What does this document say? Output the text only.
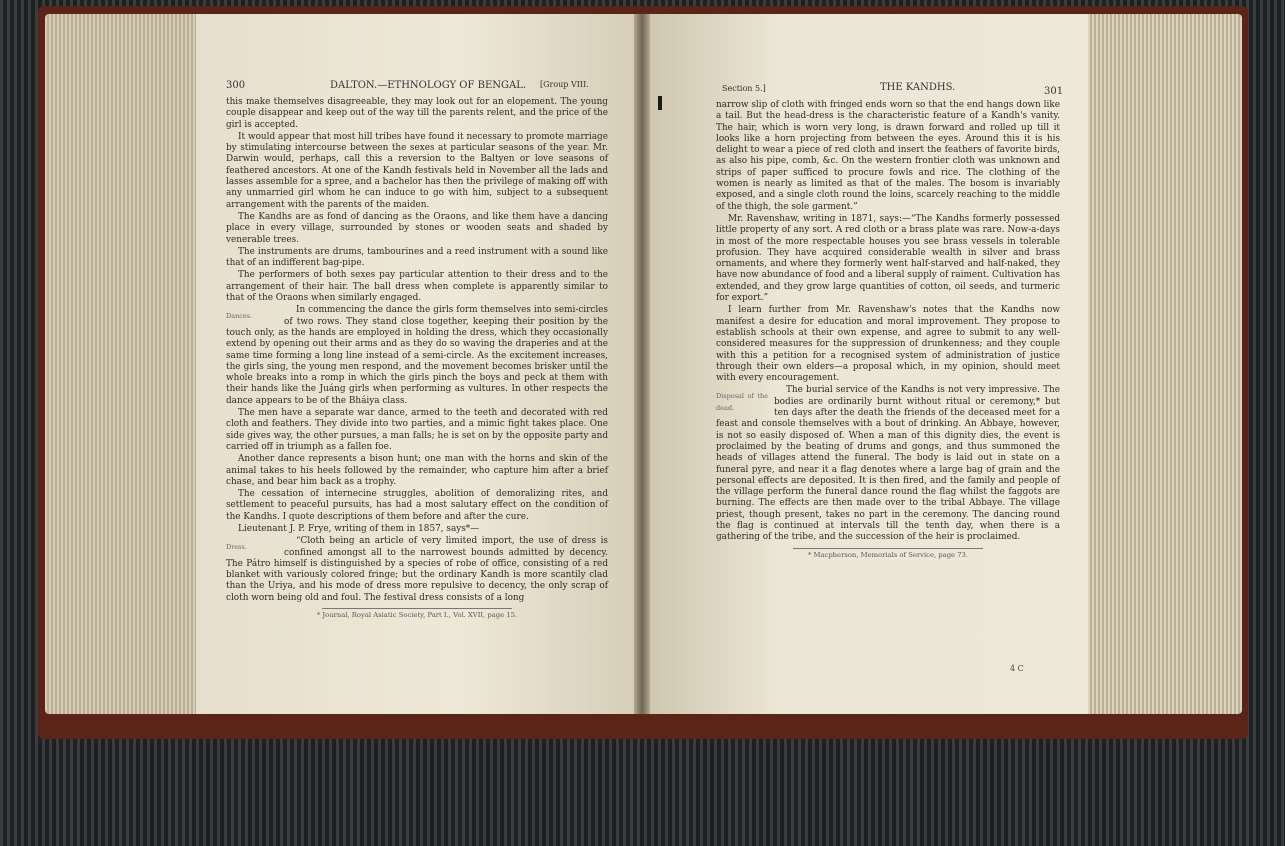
300	DALTON.—ETHNOLOGY OF BENGAL. [Group VIII.

this make themselves disagreeable, they may look out for an elopement. The young couple disappear and keep out of the way till the parents relent, and the price of the girl is accepted.

It would appear that most hill tribes have found it necessary to promote marriage by stimulating intercourse between the sexes at particular seasons of the year. Mr. Darwin would, perhaps, call this a reversion to the Baltyen or love seasons of feathered ancestors. At one of the Kandh festivals held in November all the lads and lasses assemble for a spree, and a bachelor has then the privilege of making off with any unmarried girl whom he can induce to go with him, subject to a subsequent arrangement with the parents of the maiden.

The Kandhs are as fond of dancing as the Oraons, and like them have a dancing place in every village, surrounded by stones or wooden seats and shaded by venerable trees.

The instruments are drums, tambourines and a reed instrument with a sound like that of an indifferent bag-pipe.

The performers of both sexes pay particular attention to their dress and to the arrangement of their hair. The ball dress when complete is apparently similar to that of the Oraons when similarly engaged.

Dances.
In commencing the dance the girls form themselves into semi-circles of two rows. They stand close together, keeping their position by the touch only, as the hands are employed in holding the dress, which they occasionally extend by opening out their arms and as they do so waving the draperies and at the same time forming a long line instead of a semi-circle. As the excitement increases, the girls sing, the young men respond, and the movement becomes brisker until the whole breaks into a romp in which the girls pinch the boys and peck at them with their hands like the Juáng girls when performing as vultures. In other respects the dance appears to be of the Bháiya class.

The men have a separate war dance, armed to the teeth and decorated with red cloth and feathers. They divide into two parties, and a mimic fight takes place. One side gives way, the other pursues, a man falls; he is set on by the opposite party and carried off in triumph as a fallen foe.

Another dance represents a bison hunt; one man with the horns and skin of the animal takes to his heels followed by the remainder, who capture him after a brief chase, and bear him back as a trophy.

The cessation of internecine struggles, abolition of demoralizing rites, and settlement to peaceful pursuits, has had a most salutary effect on the condition of the Kandhs. I quote descriptions of them before and after the cure.

Lieutenant J. P. Frye, writing of them in 1857, says*—

Dress.
“Cloth being an article of very limited import, the use of dress is confined amongst all to the narrowest bounds admitted by decency. The Pátro himself is distinguished by a species of robe of office, consisting of a red blanket with variously colored fringe; but the ordinary Kandh is more scantily clad than the Uriya, and his mode of dress more repulsive to decency, the only scrap of cloth worn being old and foul. The festival dress consists of a long

* Journal, Royal Asiatic Society, Part I., Vol. XVII, page 15.
Section 5.]	THE KANDHS.	301

narrow slip of cloth with fringed ends worn so that the end hangs down like a tail. But the head-dress is the characteristic feature of a Kandh's vanity. The hair, which is worn very long, is drawn forward and rolled up till it looks like a horn projecting from between the eyes. Around this it is his delight to wear a piece of red cloth and insert the feathers of favorite birds, as also his pipe, comb, &c. On the western frontier cloth was unknown and strips of paper sufficed to procure fowls and rice. The clothing of the women is nearly as limited as that of the males. The bosom is invariably exposed, and a single cloth round the loins, scarcely reaching to the middle of the thigh, the sole garment.”

Mr. Ravenshaw, writing in 1871, says:—“The Kandhs formerly possessed little property of any sort. A red cloth or a brass plate was rare. Now-a-days in most of the more respectable houses you see brass vessels in tolerable profusion. They have acquired considerable wealth in silver and brass ornaments, and where they formerly went half-starved and half-naked, they have now abundance of food and a liberal supply of raiment. Cultivation has extended, and they grow large quantities of cotton, oil seeds, and turmeric for export.”

I learn further from Mr. Ravenshaw's notes that the Kandhs now manifest a desire for education and moral improvement. They propose to establish schools at their own expense, and agree to submit to any well-considered measures for the suppression of drunkenness; and they couple with this a petition for a recognised system of administration of justice through their own elders—a proposal which, in my opinion, should meet with every encouragement.

Disposal of the dead.
The burial service of the Kandhs is not very impressive. The bodies are ordinarily burnt without ritual or ceremony,* but ten days after the death the friends of the deceased meet for a feast and console themselves with a bout of drinking. An Abbaye, however, is not so easily disposed of. When a man of this dignity dies, the event is proclaimed by the beating of drums and gongs, and thus summoned the heads of villages attend the funeral. The body is laid out in state on a funeral pyre, and near it a flag denotes where a large bag of grain and the personal effects are deposited. It is then fired, and the family and people of the village perform the funeral dance round the flag whilst the faggots are burning. The effects are then made over to the tribal Abbaye. The village priest, though present, takes no part in the ceremony. The dancing round the flag is continued at intervals till the tenth day, when there is a gathering of the tribe, and the succession of the heir is proclaimed.

* Macpherson, Memorials of Service, page 73.
4 C
